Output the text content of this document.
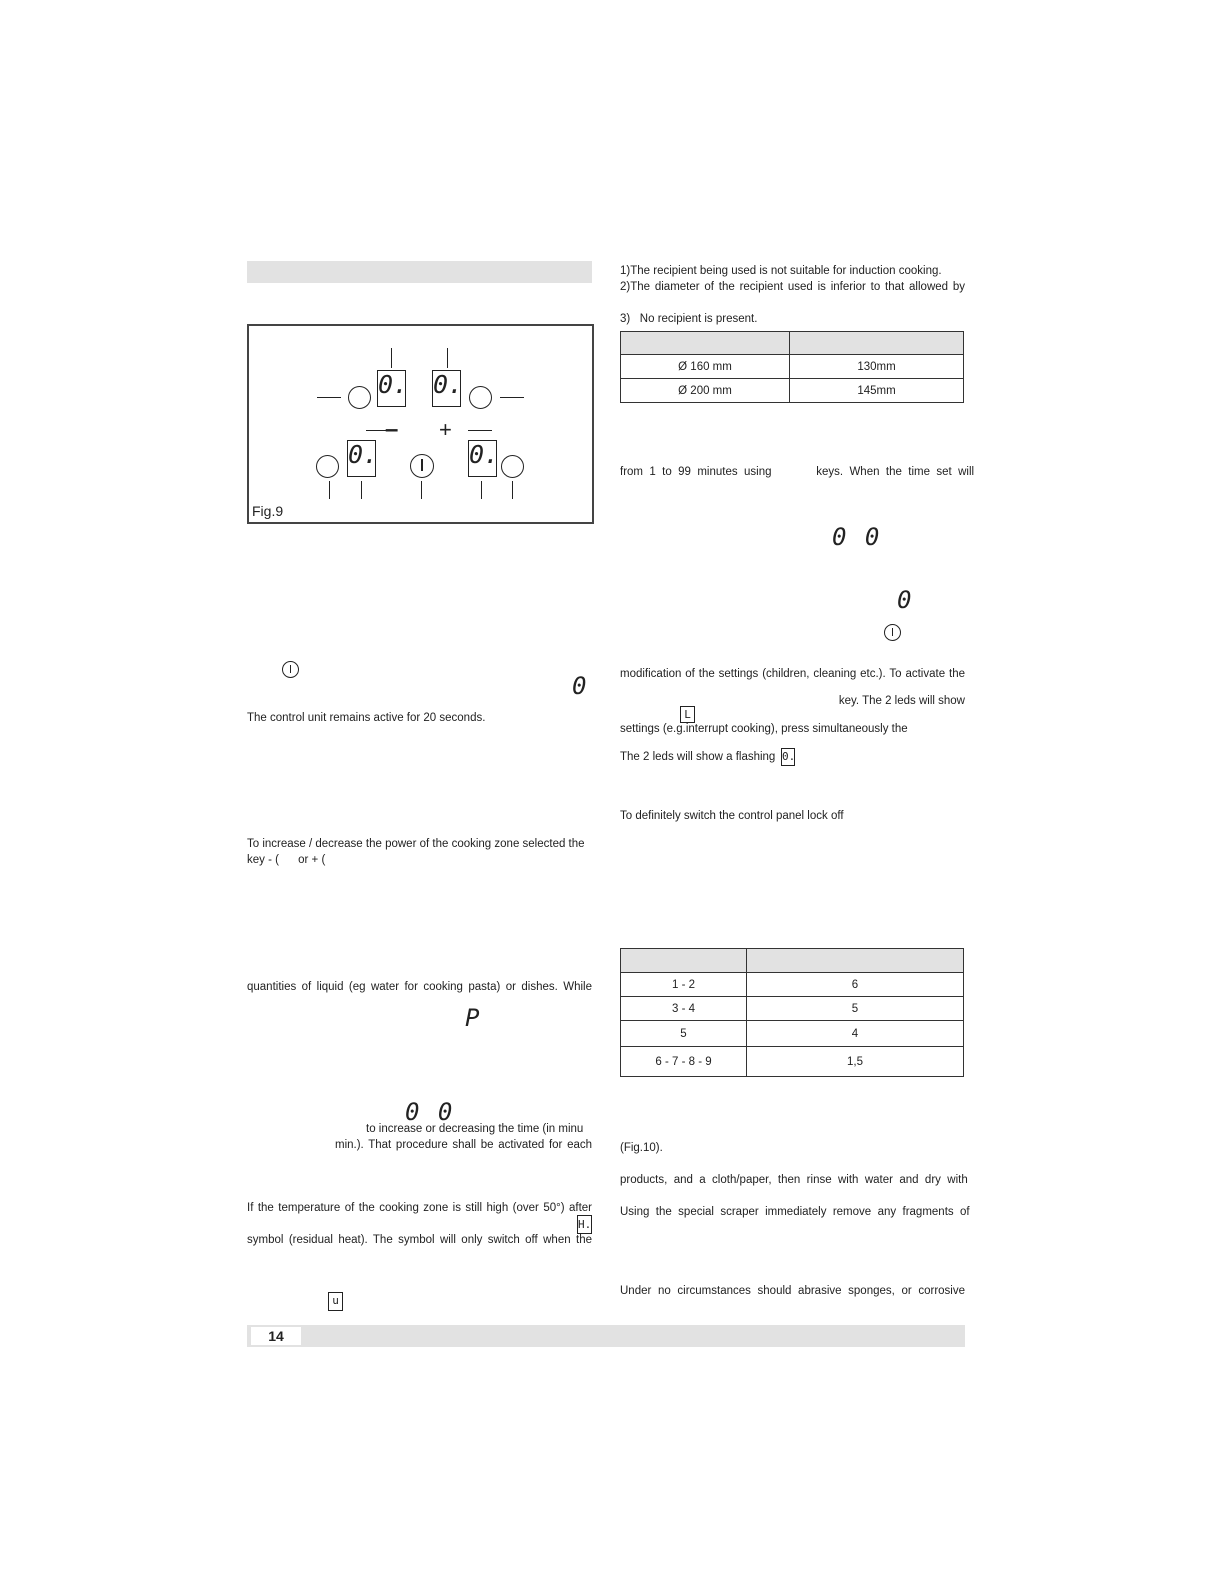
0. 0.
– +
0.	0.
Fig.9
0
The control unit remains active for 20 seconds.
To increase / decrease the power of the cooking zone selected the
key - (      or + (
quantities of liquid (eg water for cooking pasta) or dishes. While
P
0 0
to increase or decreasing the time (in minu
min.). That procedure shall be activated for each
If the temperature of the cooking zone is still high (over 50°) after
H.
symbol (residual heat). The symbol will only switch off when the
u
1)The recipient being used is not suitable for induction cooking.
2)The diameter of the recipient used is inferior to that allowed by
3)   No recipient is present.

Ø 160 mm	130mm
Ø 200 mm	145mm
from  1  to  99  minutes  using              keys.  When  the  time  set  will
0 0
0
modification of the settings (children, cleaning etc.). To activate the
key. The 2 leds will show
L
settings (e.g.interrupt cooking), press simultaneously the
The 2 leds will show a flashing 0.
To definitely switch the control panel lock off

1 - 2	6
3 - 4	5
5	4
6 - 7 - 8 - 9	1,5
(Fig.10).
products,  and  a  cloth/paper,  then  rinse  with  water  and  dry  with
Using  the  special  scraper  immediately  remove  any  fragments  of
Under  no  circumstances  should  abrasive  sponges,  or  corrosive
14
